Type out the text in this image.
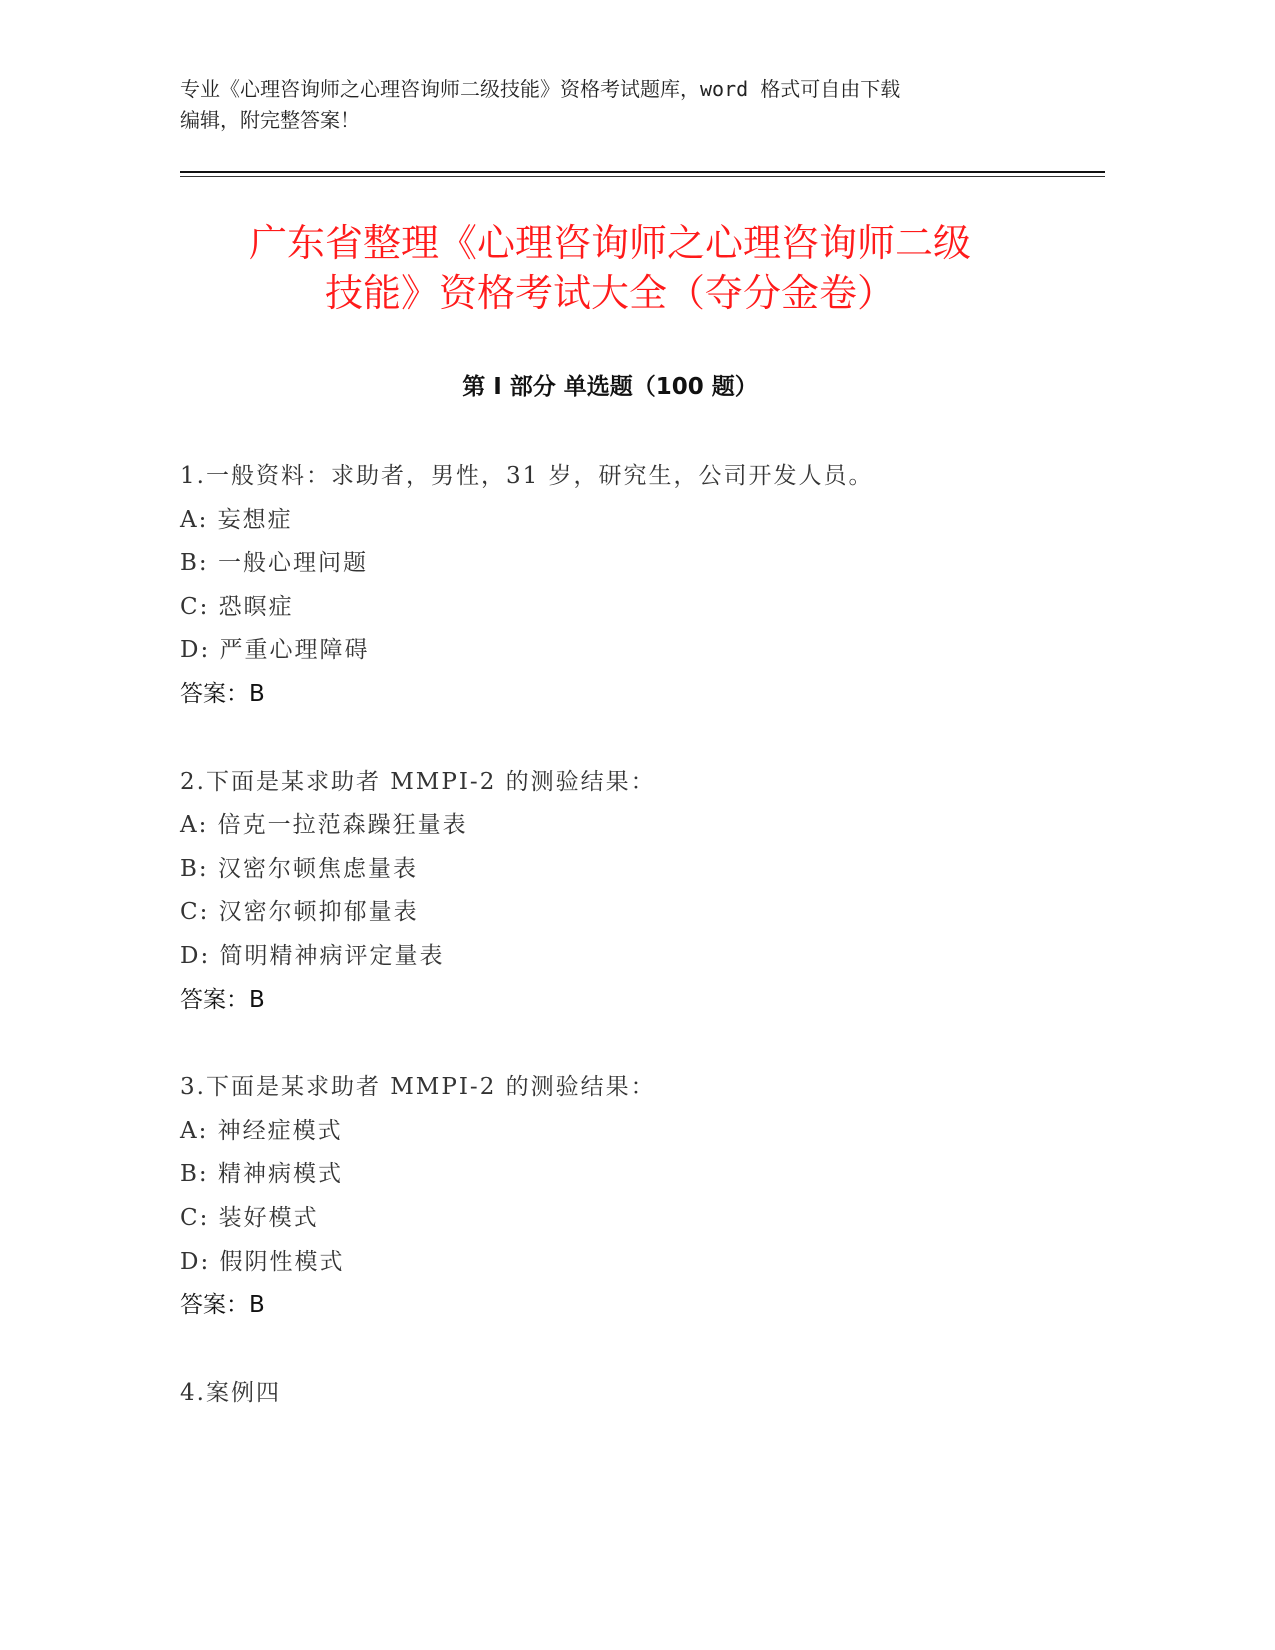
专业《心理咨询师之心理咨询师二级技能》资格考试题库，word 格式可自由下载
编辑，附完整答案！
广东省整理《心理咨询师之心理咨询师二级
技能》资格考试大全（夺分金卷）
第 I 部分 单选题（100 题）

1.一般资料：求助者，男性，31 岁，研究生，公司开发人员。

A: 妄想症

B: 一般心理问题

C: 恐暝症

D: 严重心理障碍

答案：B

2.下面是某求助者 MMPI-2 的测验结果：

A: 倍克一拉范森躁狂量表

B: 汉密尔顿焦虑量表

C: 汉密尔顿抑郁量表

D: 简明精神病评定量表

答案：B

3.下面是某求助者 MMPI-2 的测验结果：

A: 神经症模式

B: 精神病模式

C: 装好模式

D: 假阴性模式

答案：B

4.案例四
